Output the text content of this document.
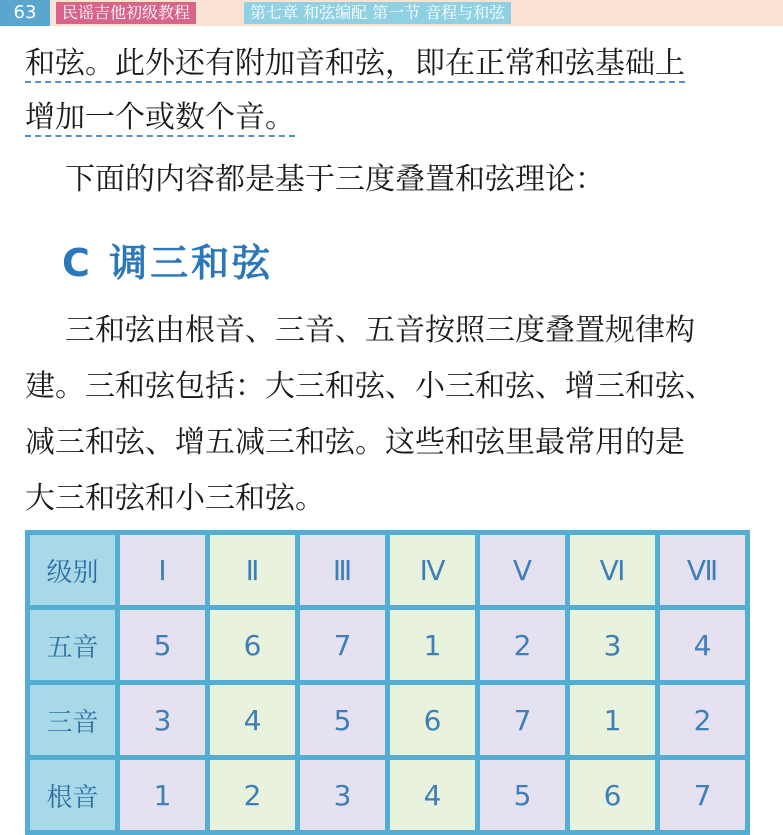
63	民谣吉他初级教程	第七章 和弦编配 第一节 音程与和弦
和弦。此外还有附加音和弦，即在正常和弦基础上
增加一个或数个音。
下面的内容都是基于三度叠置和弦理论：
C 调三和弦
三和弦由根音、三音、五音按照三度叠置规律构
建。三和弦包括：大三和弦、小三和弦、增三和弦、
减三和弦、增五减三和弦。这些和弦里最常用的是
大三和弦和小三和弦。
级别	Ⅰ	Ⅱ	Ⅲ	Ⅳ	Ⅴ	Ⅵ	Ⅶ
五音	5	6	7	1	2	3	4
三音	3	4	5	6	7	1	2
根音	1	2	3	4	5	6	7
